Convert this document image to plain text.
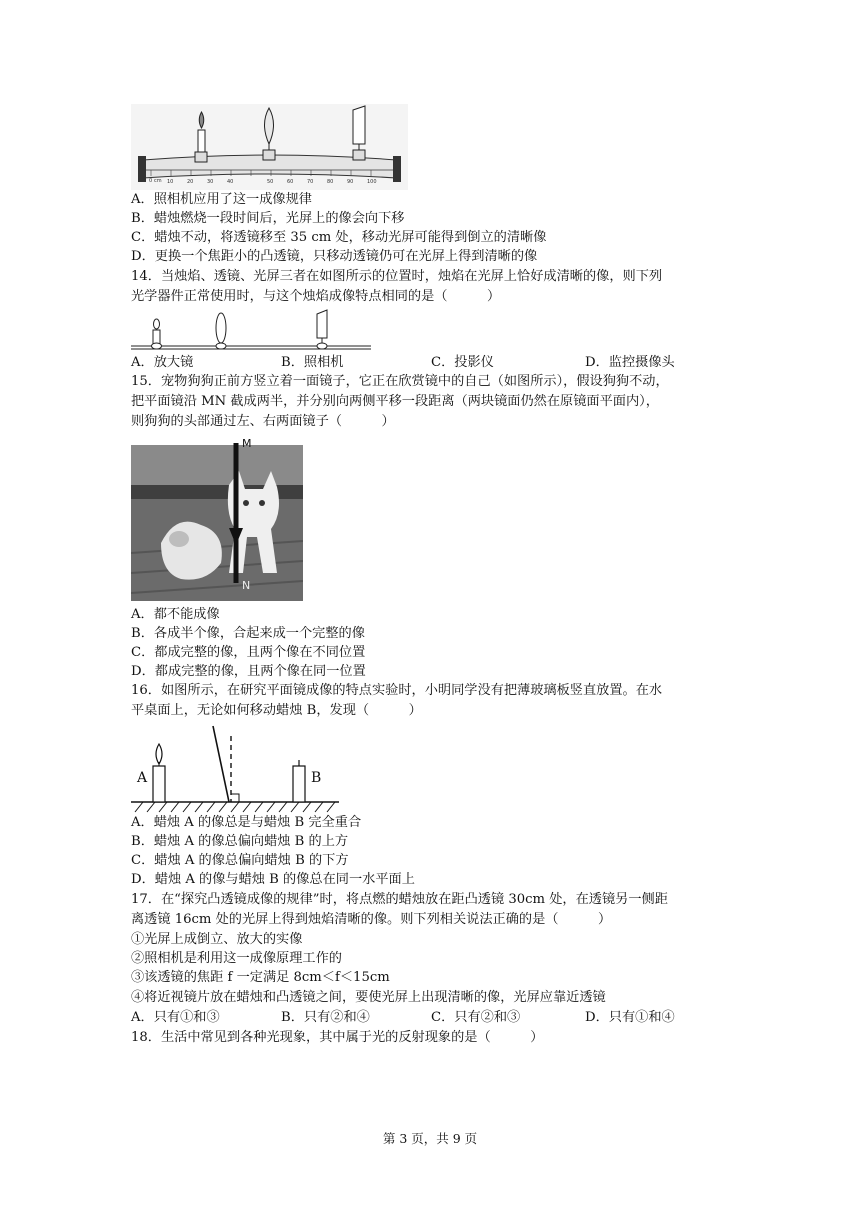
0 cm 10	20	30	40	50	60	70	80	90	100
A．照相机应用了这一成像规律
B．蜡烛燃烧一段时间后，光屏上的像会向下移
C．蜡烛不动，将透镜移至 35 cm 处，移动光屏可能得到倒立的清晰像
D．更换一个焦距小的凸透镜，只移动透镜仍可在光屏上得到清晰的像
14．当烛焰、透镜、光屏三者在如图所示的位置时，烛焰在光屏上恰好成清晰的像，则下列
光学器件正常使用时，与这个烛焰成像特点相同的是（　　　）
A．放大镜	B．照相机	C．投影仪	D．监控摄像头
15．宠物狗狗正前方竖立着一面镜子，它正在欣赏镜中的自己（如图所示），假设狗狗不动，
把平面镜沿 MN 截成两半，并分别向两侧平移一段距离（两块镜面仍然在原镜面平面内），
则狗狗的头部通过左、右两面镜子（　　　）
M
N
A．都不能成像
B．各成半个像，合起来成一个完整的像
C．都成完整的像，且两个像在不同位置
D．都成完整的像，且两个像在同一位置
16．如图所示，在研究平面镜成像的特点实验时，小明同学没有把薄玻璃板竖直放置。在水
平桌面上，无论如何移动蜡烛 B，发现（　　　）
A	B
A．蜡烛 A 的像总是与蜡烛 B 完全重合
B．蜡烛 A 的像总偏向蜡烛 B 的上方
C．蜡烛 A 的像总偏向蜡烛 B 的下方
D．蜡烛 A 的像与蜡烛 B 的像总在同一水平面上
17．在“探究凸透镜成像的规律”时，将点燃的蜡烛放在距凸透镜 30cm 处，在透镜另一侧距
离透镜 16cm 处的光屏上得到烛焰清晰的像。则下列相关说法正确的是（　　　）
①光屏上成倒立、放大的实像
②照相机是利用这一成像原理工作的
③该透镜的焦距 f 一定满足 8cm＜f＜15cm
④将近视镜片放在蜡烛和凸透镜之间，要使光屏上出现清晰的像，光屏应靠近透镜
A．只有①和③	B．只有②和④	C．只有②和③	D．只有①和④
18．生活中常见到各种光现象，其中属于光的反射现象的是（　　　）
第 3 页，共 9 页
